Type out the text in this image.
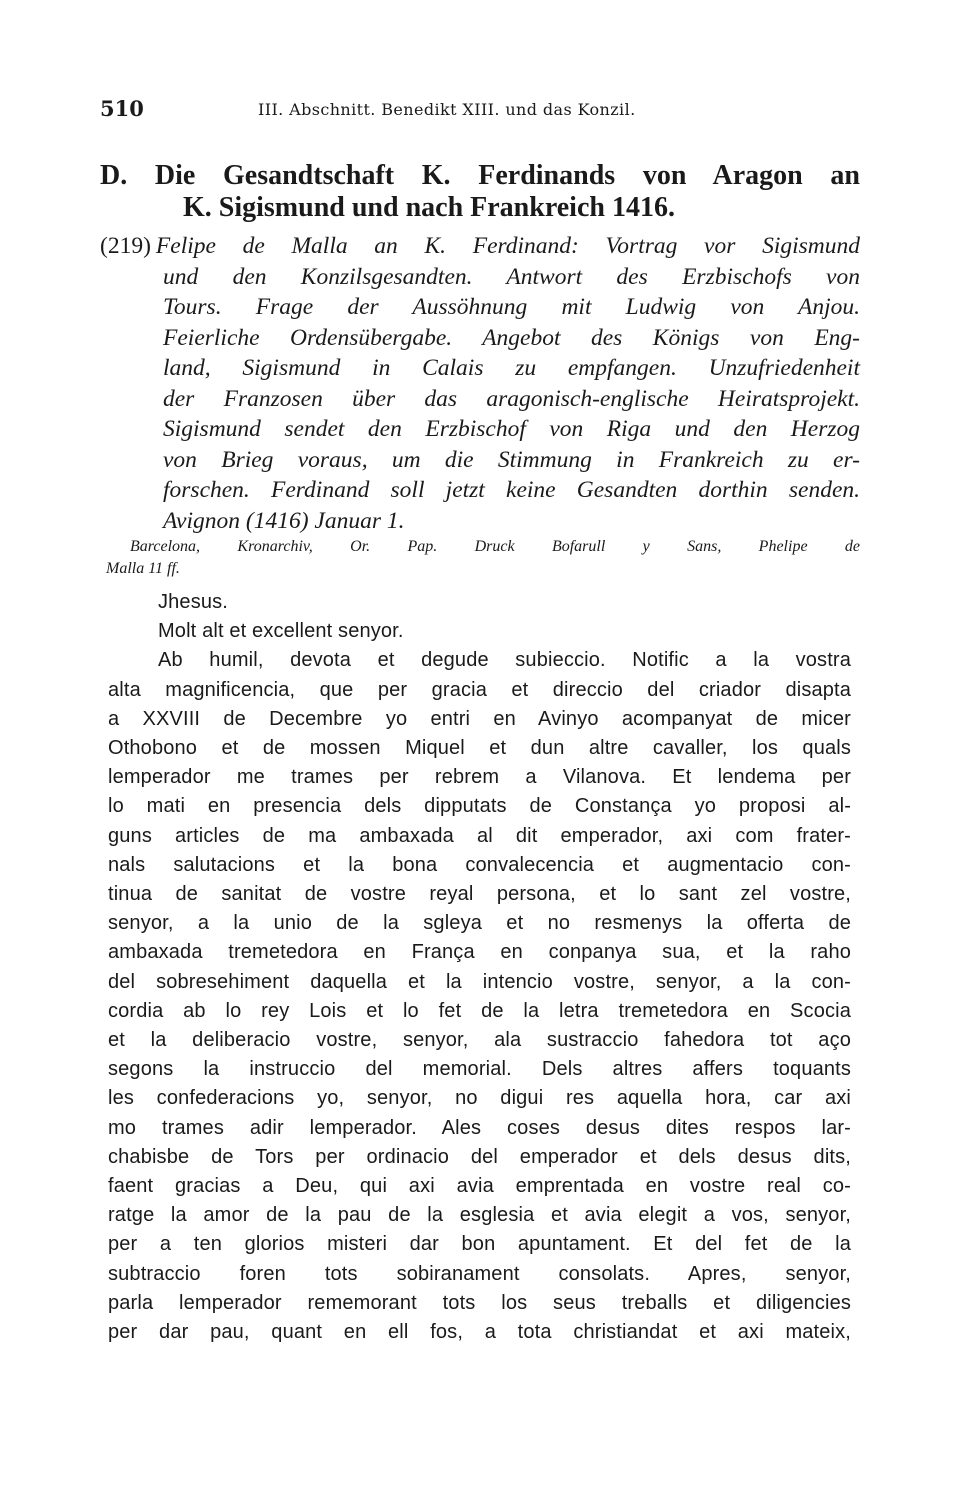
510	III. Abschnitt. Benedikt XIII. und das Konzil.
D. Die Gesandtschaft K. Ferdinands von Aragon an
K. Sigismund und nach Frankreich 1416.
(219) Felipe de Malla an K. Ferdinand: Vortrag vor Sigismund
und den Konzilsgesandten. Antwort des Erzbischofs von
Tours. Frage der Aussöhnung mit Ludwig von Anjou.
Feierliche Ordensübergabe. Angebot des Königs von Eng-
land, Sigismund in Calais zu empfangen. Unzufriedenheit
der Franzosen über das aragonisch-englische Heiratsprojekt.
Sigismund sendet den Erzbischof von Riga und den Herzog
von Brieg voraus, um die Stimmung in Frankreich zu er-
forschen. Ferdinand soll jetzt keine Gesandten dorthin senden.
Avignon (1416) Januar 1.
Barcelona, Kronarchiv, Or. Pap. Druck Bofarull y Sans, Phelipe de
Malla 11 ff.
Jhesus.
Molt alt et excellent senyor.
Ab humil, devota et degude subieccio. Notific a la vostra
alta magnificencia, que per gracia et direccio del criador disapta
a XXVIII de Decembre yo entri en Avinyo acompanyat de micer
Othobono et de mossen Miquel et dun altre cavaller, los quals
lemperador me trames per rebrem a Vilanova. Et lendema per
lo mati en presencia dels dipputats de Constança yo proposi al-
guns articles de ma ambaxada al dit emperador, axi com frater-
nals salutacions et la bona convalecencia et augmentacio con-
tinua de sanitat de vostre reyal persona, et lo sant zel vostre,
senyor, a la unio de la sgleya et no resmenys la offerta de
ambaxada tremetedora en França en conpanya sua, et la raho
del sobresehiment daquella et la intencio vostre, senyor, a la con-
cordia ab lo rey Lois et lo fet de la letra tremetedora en Scocia
et la deliberacio vostre, senyor, ala sustraccio fahedora tot aço
segons la instruccio del memorial. Dels altres affers toquants
les confederacions yo, senyor, no digui res aquella hora, car axi
mo trames adir lemperador. Ales coses desus dites respos lar-
chabisbe de Tors per ordinacio del emperador et dels desus dits,
faent gracias a Deu, qui axi avia emprentada en vostre real co-
ratge la amor de la pau de la esglesia et avia elegit a vos, senyor,
per a ten glorios misteri dar bon apuntament. Et del fet de la
subtraccio foren tots sobiranament consolats. Apres, senyor,
parla lemperador rememorant tots los seus treballs et diligencies
per dar pau, quant en ell fos, a tota christiandat et axi mateix,
